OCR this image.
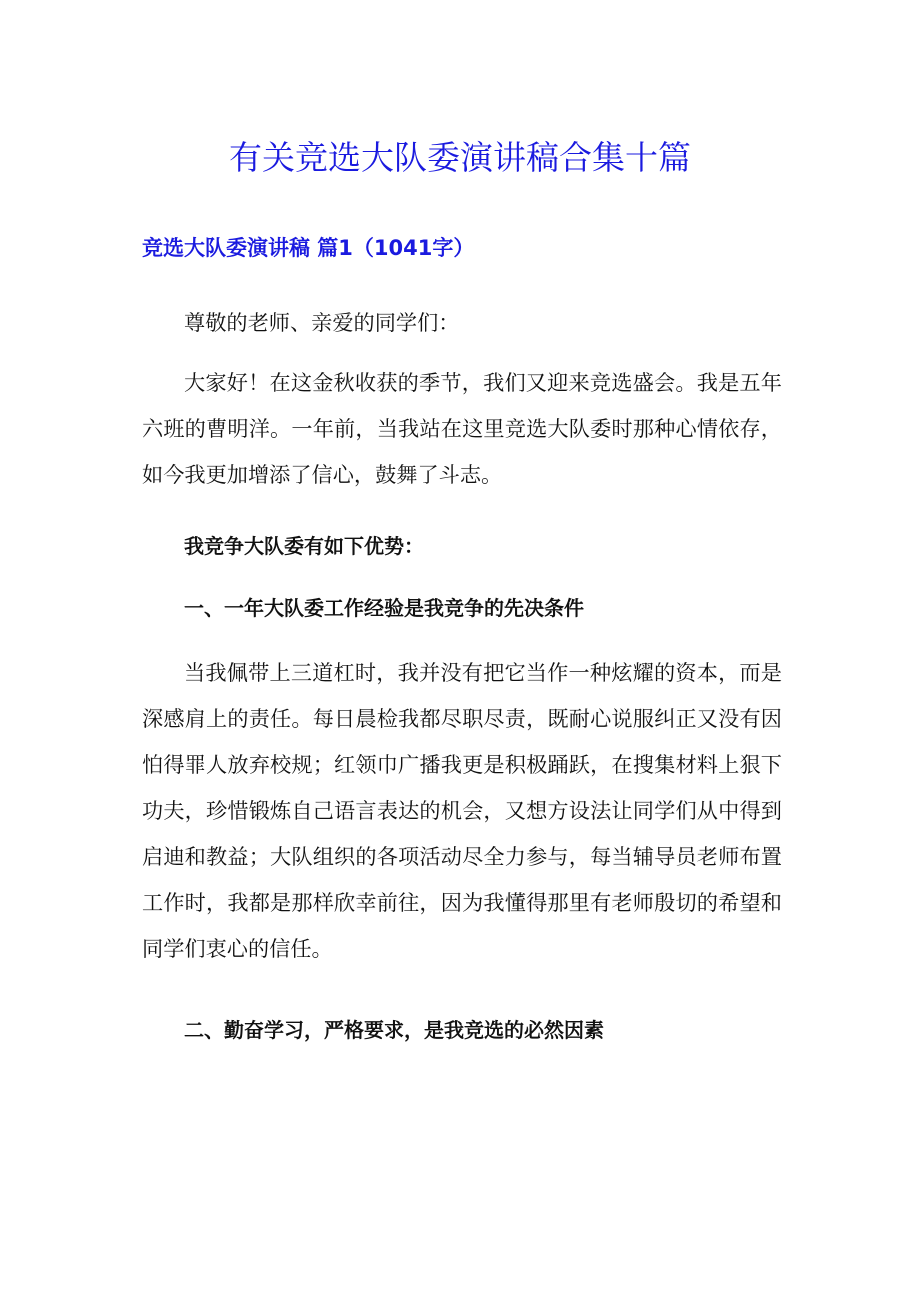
有关竞选大队委演讲稿合集十篇
竞选大队委演讲稿 篇1（1041字）

尊敬的老师、亲爱的同学们：

大家好！在这金秋收获的季节，我们又迎来竞选盛会。我是五年六班的曹明洋。一年前，当我站在这里竞选大队委时那种心情依存，如今我更加增添了信心，鼓舞了斗志。

我竞争大队委有如下优势：

一、一年大队委工作经验是我竞争的先决条件

当我佩带上三道杠时，我并没有把它当作一种炫耀的资本，而是深感肩上的责任。每日晨检我都尽职尽责，既耐心说服纠正又没有因怕得罪人放弃校规；红领巾广播我更是积极踊跃，在搜集材料上狠下功夫，珍惜锻炼自己语言表达的机会，又想方设法让同学们从中得到启迪和教益；大队组织的各项活动尽全力参与，每当辅导员老师布置工作时，我都是那样欣幸前往，因为我懂得那里有老师殷切的希望和同学们衷心的信任。

二、勤奋学习，严格要求，是我竞选的必然因素
